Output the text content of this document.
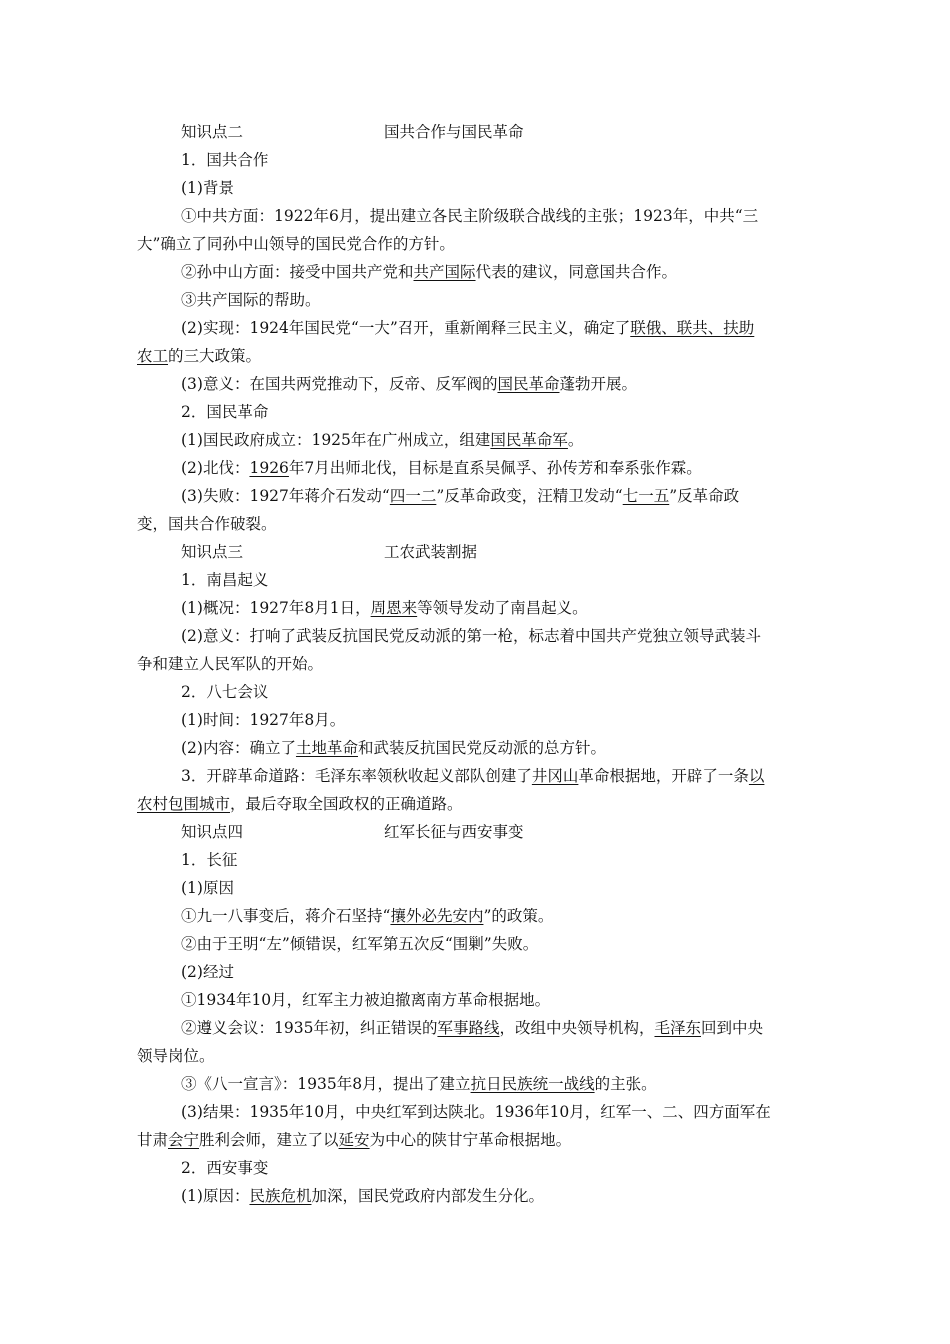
知识点二	国共合作与国民革命
1．国共合作
(1)背景
①中共方面：1922年6月，提出建立各民主阶级联合战线的主张；1923年，中共“三
大”确立了同孙中山领导的国民党合作的方针。
②孙中山方面：接受中国共产党和共产国际代表的建议，同意国共合作。
③共产国际的帮助。
(2)实现：1924年国民党“一大”召开，重新阐释三民主义，确定了联俄、联共、扶助
农工的三大政策。
(3)意义：在国共两党推动下，反帝、反军阀的国民革命蓬勃开展。
2．国民革命
(1)国民政府成立：1925年在广州成立，组建国民革命军。
(2)北伐：1926年7月出师北伐，目标是直系吴佩孚、孙传芳和奉系张作霖。
(3)失败：1927年蒋介石发动“四一二”反革命政变，汪精卫发动“七一五”反革命政
变，国共合作破裂。
知识点三	工农武装割据
1．南昌起义
(1)概况：1927年8月1日，周恩来等领导发动了南昌起义。
(2)意义：打响了武装反抗国民党反动派的第一枪，标志着中国共产党独立领导武装斗
争和建立人民军队的开始。
2．八七会议
(1)时间：1927年8月。
(2)内容：确立了土地革命和武装反抗国民党反动派的总方针。
3．开辟革命道路：毛泽东率领秋收起义部队创建了井冈山革命根据地，开辟了一条以
农村包围城市，最后夺取全国政权的正确道路。
知识点四	红军长征与西安事变
1．长征
(1)原因
①九一八事变后，蒋介石坚持“攘外必先安内”的政策。
②由于王明“左”倾错误，红军第五次反“围剿”失败。
(2)经过
①1934年10月，红军主力被迫撤离南方革命根据地。
②遵义会议：1935年初，纠正错误的军事路线，改组中央领导机构，毛泽东回到中央
领导岗位。
③《八一宣言》：1935年8月，提出了建立抗日民族统一战线的主张。
(3)结果：1935年10月，中央红军到达陕北。1936年10月，红军一、二、四方面军在
甘肃会宁胜利会师，建立了以延安为中心的陕甘宁革命根据地。
2．西安事变
(1)原因：民族危机加深，国民党政府内部发生分化。
